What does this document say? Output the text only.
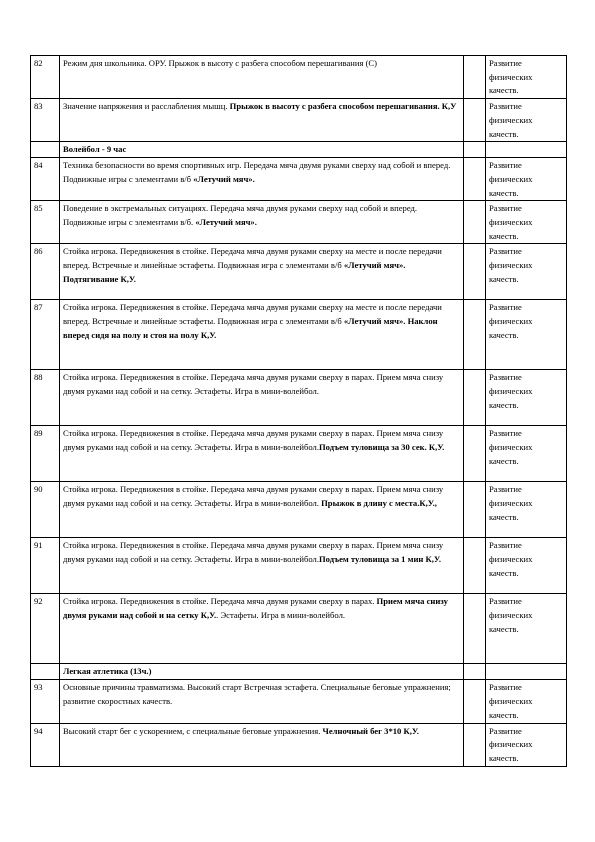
82	Режим дня школьника. ОРУ. Прыжок в высоту с разбега способом перешагивания (С)		Развитие физических качеств.
83	Значение напряжения и расслабления мышц. Прыжок в высоту с разбега способом перешагивания. К,У		Развитие физических качеств.
	Волейбол - 9 час		
84	Техника безопасности во время спортивных игр. Передача мяча двумя руками сверху над собой и вперед. Подвижные игры с элементами в/б «Летучий мяч».		Развитие физических качеств.
85	Поведение в экстремальных ситуациях. Передача мяча двумя руками сверху над собой и вперед. Подвижные игры с элементами в/б. «Летучий мяч».		Развитие физических качеств.
86	Стойка игрока. Передвижения в стойке. Передача мяча двумя руками сверху на месте и после передачи вперед. Встречные и линейные эстафеты. Подвижная игра с элементами в/б «Летучий мяч». Подтягивание К,У.		Развитие физических качеств.
87	Стойка игрока. Передвижения в стойке. Передача мяча двумя руками сверху на месте и после передачи вперед. Встречные и линейные эстафеты. Подвижная игра с элементами в/б «Летучий мяч». Наклон вперед сидя на полу и стоя на полу К,У.		Развитие физических качеств.
88	Стойка игрока. Передвижения в стойке. Передача мяча двумя руками сверху в парах. Прием мяча снизу двумя руками над собой и на сетку. Эстафеты. Игра в мини-волейбол.		Развитие физических качеств.
89	Стойка игрока. Передвижения в стойке. Передача мяча двумя руками сверху в парах. Прием мяча снизу двумя руками над собой и на сетку. Эстафеты. Игра в мини-волейбол.Подъем туловища за 30 сек. К,У.		Развитие физических качеств.
90	Стойка игрока. Передвижения в стойке. Передача мяча двумя руками сверху в парах. Прием мяча снизу двумя руками над собой и на сетку. Эстафеты. Игра в мини-волейбол. Прыжок в длину с места.К,У.,		Развитие физических качеств.
91	Стойка игрока. Передвижения в стойке. Передача мяча двумя руками сверху в парах. Прием мяча снизу двумя руками над собой и на сетку. Эстафеты. Игра в мини-волейбол.Подъем туловища за 1 мин К,У.		Развитие физических качеств.
92	Стойка игрока. Передвижения в стойке. Передача мяча двумя руками сверху в парах. Прием мяча снизу двумя руками над собой и на сетку К,У.. Эстафеты. Игра в мини-волейбол.		Развитие физических качеств.
	Легкая атлетика (13ч.)		
93	Основные причины травматизма. Высокий старт Встречная эстафета. Специальные беговые упражнения; развитие скоростных качеств.		Развитие физических качеств.
94	Высокий старт бег с ускорением, с специальные беговые упражнения. Челночный бег 3*10 К,У.		Развитие физических качеств.
